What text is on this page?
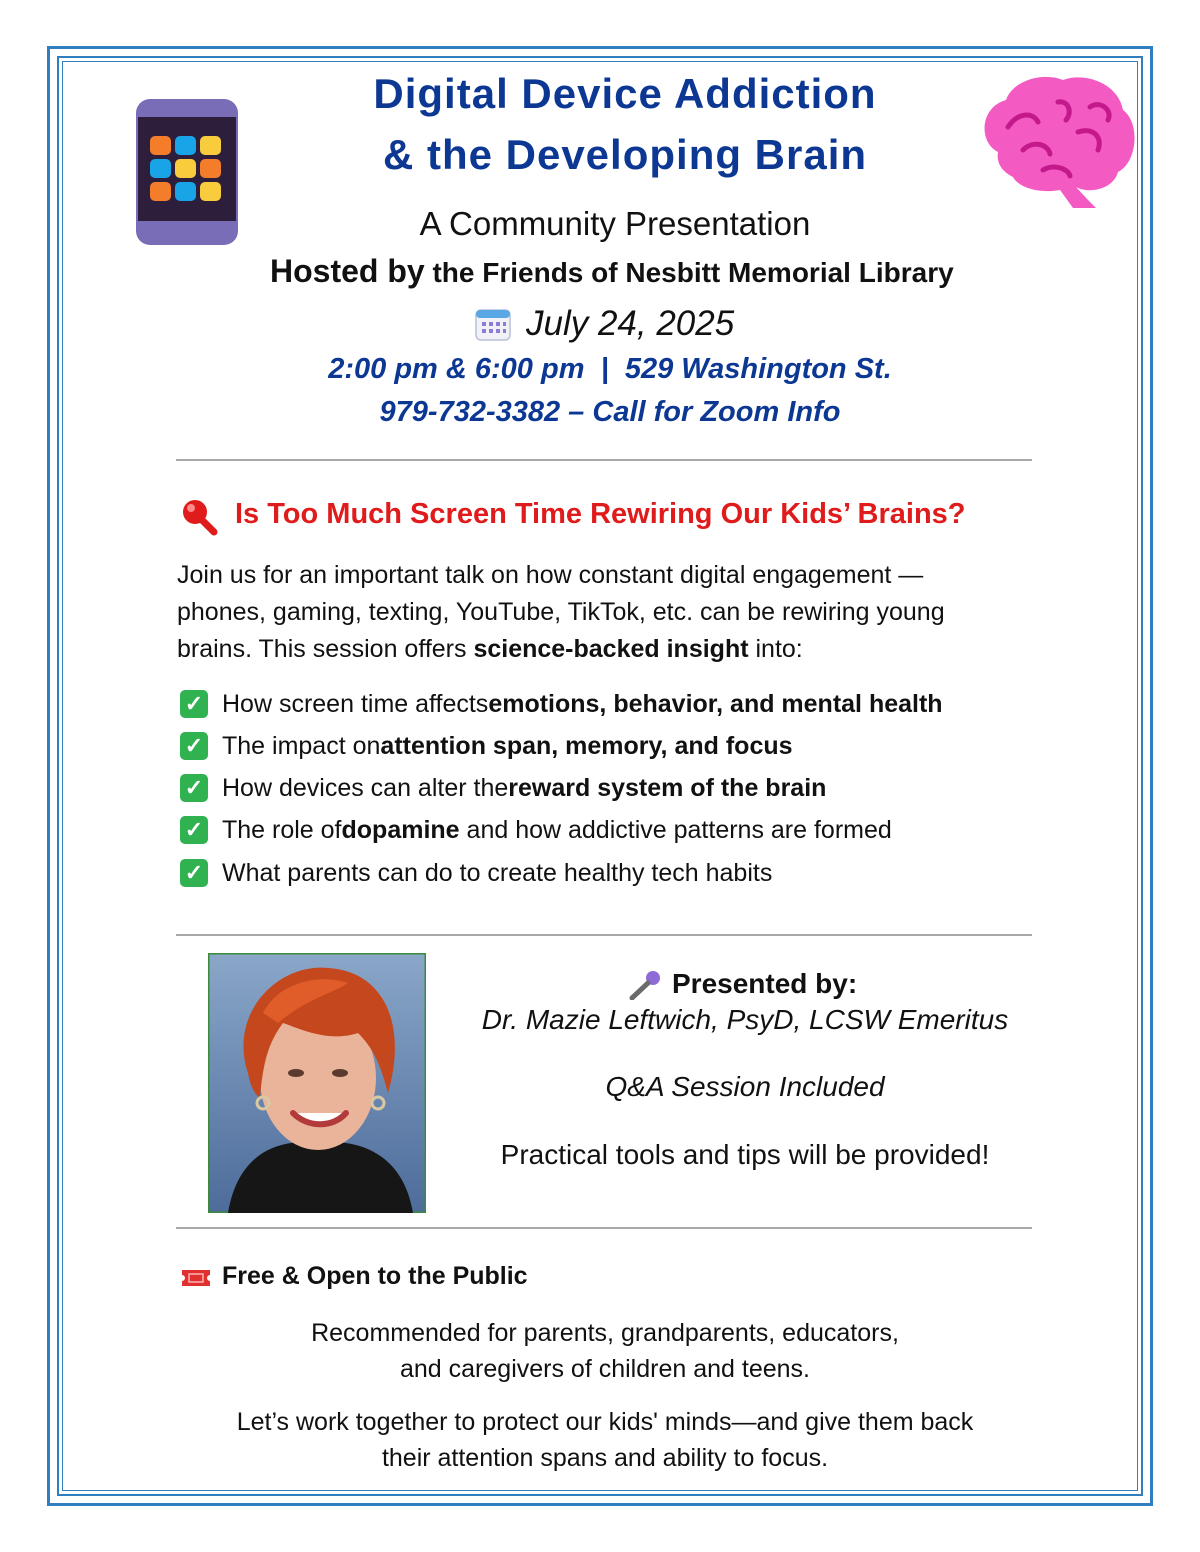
Digital Device Addiction
& the Developing Brain
A Community Presentation
Hosted by the Friends of Nesbitt Memorial Library
July 24, 2025
2:00 pm & 6:00 pm  |  529 Washington St.
979-732-3382 – Call for Zoom Info
Is Too Much Screen Time Rewiring Our Kids’ Brains?
Join us for an important talk on how constant digital engagement —
phones, gaming, texting, YouTube, TikTok, etc. can be rewiring young
brains. This session offers science-backed insight into:
✓ How screen time affects emotions, behavior, and mental health
✓ The impact on attention span, memory, and focus
✓ How devices can alter the reward system of the brain
✓ The role of dopamine and how addictive patterns are formed
✓ What parents can do to create healthy tech habits
Presented by:
Dr. Mazie Leftwich, PsyD, LCSW Emeritus
Q&A Session Included
Practical tools and tips will be provided!
Free & Open to the Public
Recommended for parents, grandparents, educators,
and caregivers of children and teens.
Let’s work together to protect our kids' minds—and give them back
their attention spans and ability to focus.
